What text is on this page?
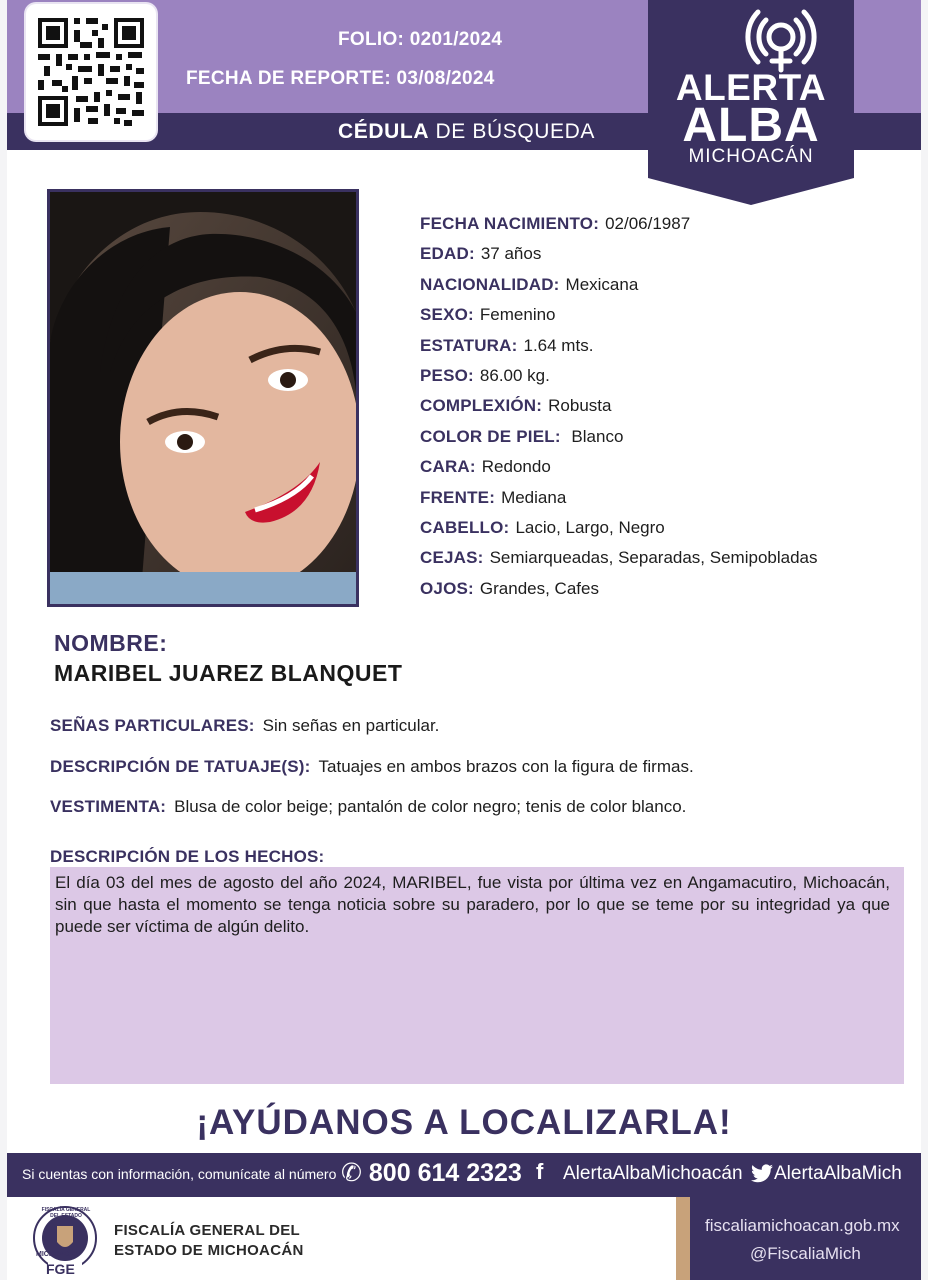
FOLIO: 0201/2024
FECHA DE REPORTE: 03/08/2024
CÉDULA DE BÚSQUEDA
ALERTA
ALBA
MICHOACÁN
FECHA NACIMIENTO: 02/06/1987
EDAD: 37 años
NACIONALIDAD: Mexicana
SEXO: Femenino
ESTATURA: 1.64 mts.
PESO: 86.00 kg.
COMPLEXIÓN: Robusta
COLOR DE PIEL: Blanco
CARA: Redondo
FRENTE: Mediana
CABELLO: Lacio, Largo, Negro
CEJAS: Semiarqueadas, Separadas, Semipobladas
OJOS: Grandes, Cafes
NOMBRE:
MARIBEL JUAREZ BLANQUET
SEÑAS PARTICULARES: Sin señas en particular.
DESCRIPCIÓN DE TATUAJE(S): Tatuajes en ambos brazos con la figura de firmas.
VESTIMENTA: Blusa de color beige; pantalón de color negro; tenis de color blanco.
DESCRIPCIÓN DE LOS HECHOS:
El día 03 del mes de agosto del año 2024, MARIBEL, fue vista por última vez en Angamacutiro, Michoacán, sin que hasta el momento se tenga noticia sobre su paradero, por lo que se teme por su integridad ya que puede ser víctima de algún delito.
¡AYÚDANOS A LOCALIZARLA!
Si cuentas con información, comunícate al número ✆ 800 614 2323 f AlertaAlbaMichoacán AlertaAlbaMich
MICHOACÁN
FGE
FISCALÍA GENERAL DEL ESTADO
FISCALÍA GENERAL DEL
ESTADO DE MICHOACÁN
fiscaliamichoacan.gob.mx
@FiscaliaMich
